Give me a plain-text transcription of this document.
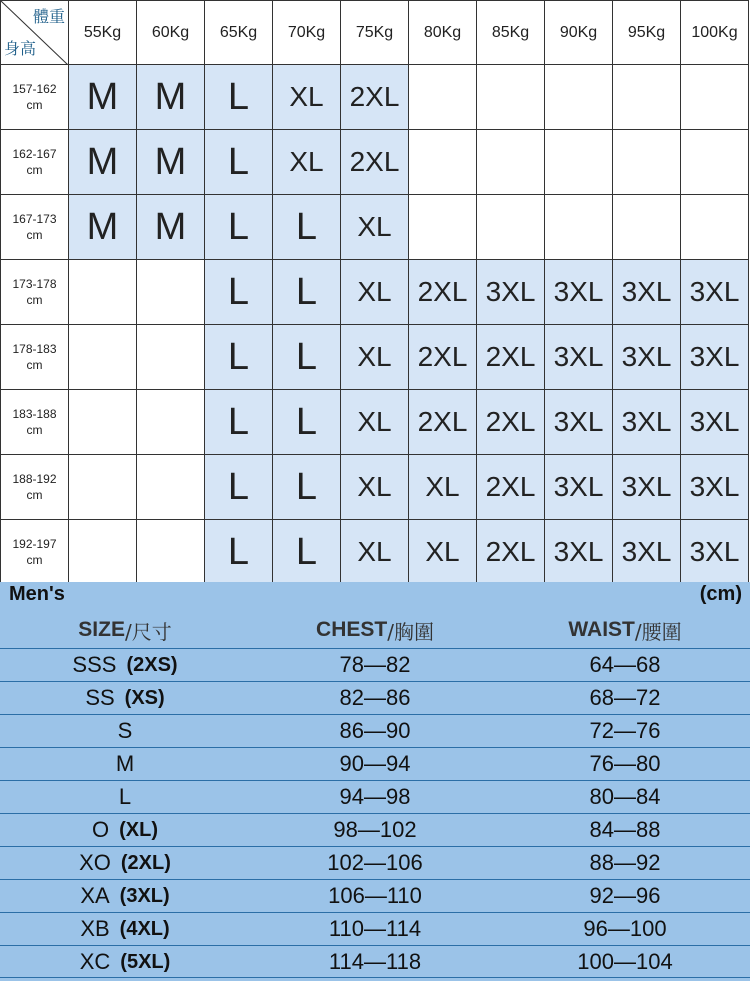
體重
身高	55Kg	60Kg	65Kg	70Kg	75Kg	80Kg	85Kg	90Kg	95Kg	100Kg

157-162
cm	M	M	L	XL	2XL					

162-167
cm	M	M	L	XL	2XL					

167-173
cm	M	M	L	L	XL					

173-178
cm			L	L	XL	2XL	3XL	3XL	3XL	3XL

178-183
cm			L	L	XL	2XL	2XL	3XL	3XL	3XL

183-188
cm			L	L	XL	2XL	2XL	3XL	3XL	3XL

188-192
cm			L	L	XL	XL	2XL	3XL	3XL	3XL

192-197
cm			L	L	XL	XL	2XL	3XL	3XL	3XL
Men's	(cm)
SIZE /尺寸	CHEST /胸圍	WAIST /腰圍
SSS (2XS)	78—82	64—68
SS (XS)	82—86	68—72
S	86—90	72—76
M	90—94	76—80
L	94—98	80—84
O (XL)	98—102	84—88
XO (2XL)	102—106	88—92
XA (3XL)	106—110	92—96
XB (4XL)	110—114	96—100
XC (5XL)	114—118	100—104
